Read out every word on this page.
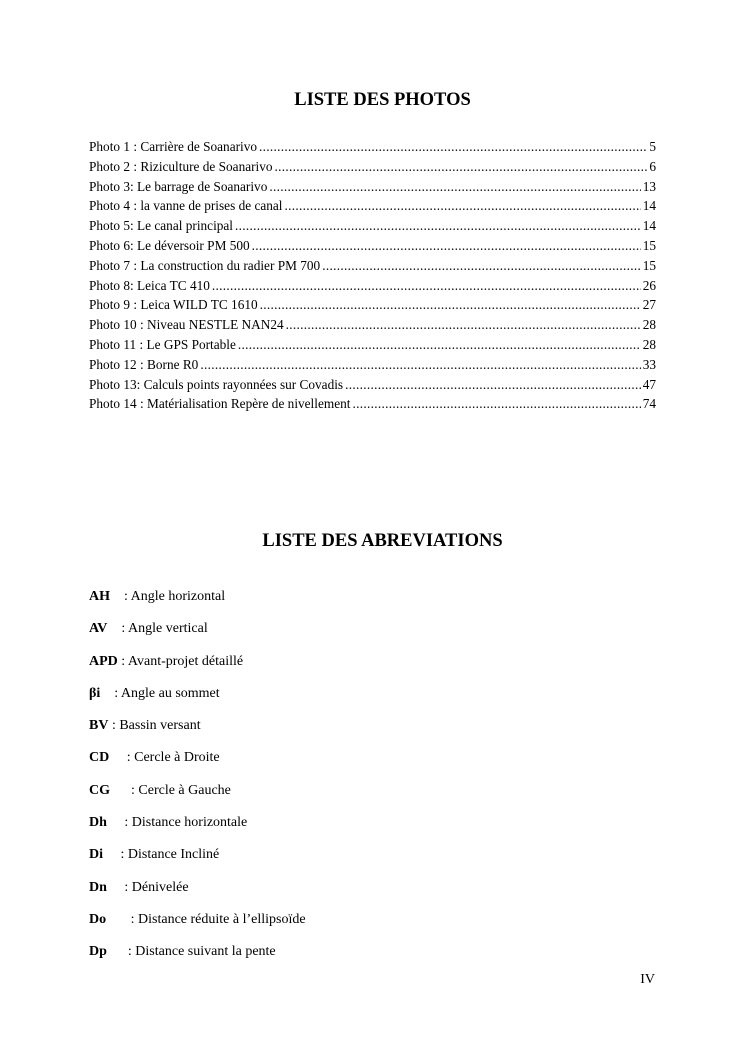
LISTE DES PHOTOS
Photo 1 : Carrière de Soanarivo .....	5
Photo 2 : Riziculture de Soanarivo .....	6
Photo 3: Le barrage de Soanarivo .....	13
Photo 4 : la vanne de prises de canal .....	14
Photo 5: Le canal principal .....	14
Photo 6: Le déversoir PM 500 .....	15
Photo 7 : La construction du radier PM 700 .....	15
Photo 8: Leica TC 410 .....	26
Photo 9 : Leica WILD TC 1610 .....	27
Photo 10 : Niveau NESTLE NAN24 .....	28
Photo 11 : Le GPS Portable .....	28
Photo 12 : Borne R0 .....	33
Photo 13: Calculs points rayonnées sur Covadis .....	47
Photo 14 : Matérialisation Repère de nivellement .....	74
LISTE DES ABREVIATIONS
AH    : Angle horizontal
AV    : Angle vertical
APD : Avant-projet détaillé
βi    : Angle au sommet
BV : Bassin versant
CD     : Cercle à Droite
CG      : Cercle à Gauche
Dh     : Distance horizontale
Di     : Distance Incliné
Dn     : Dénivelée
Do       : Distance réduite à l’ellipsoïde
Dp      : Distance suivant la pente
IV
